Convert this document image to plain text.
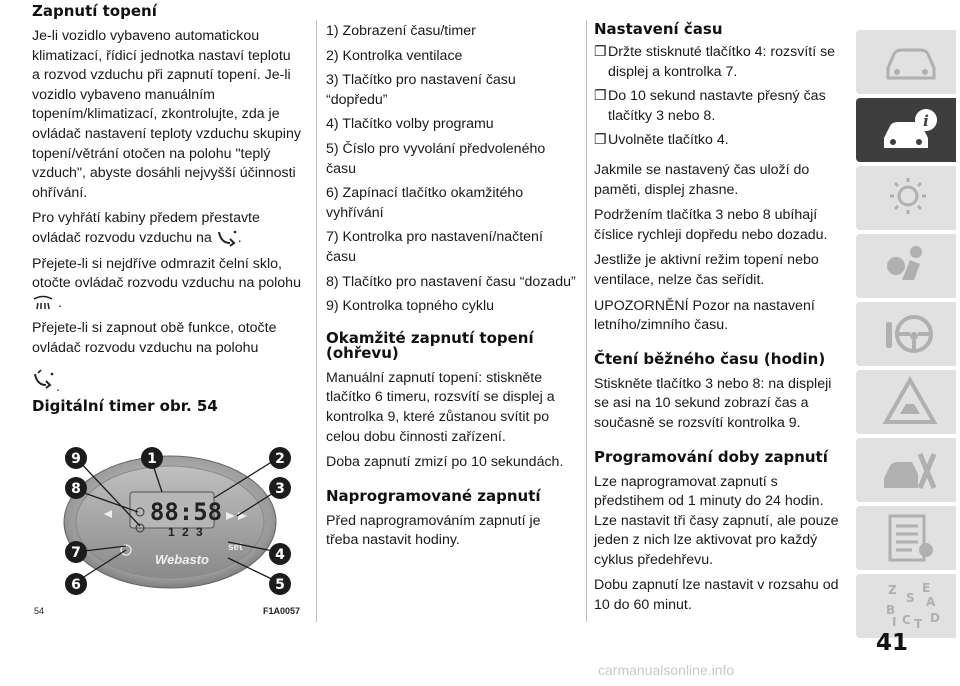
Zapnutí topení

Je-li vozidlo vybaveno automatickou klimatizací, řídicí jednotka nastaví teplotu a rozvod vzduchu při zapnutí topení. Je-li vozidlo vybaveno manuálním topením/klimatizací, zkontrolujte, zda je ovládač nastavení teploty vzduchu skupiny topení/větrání otočen na polohu "teplý vzduch", abyste dosáhli nejvyšší účinnosti ohřívání.

Pro vyhřátí kabiny předem přestavte ovládač rozvodu vzduchu na .

Přejete-li si nejdříve odmrazit čelní sklo, otočte ovládač rozvodu vzduchu na polohu .

Přejete-li si zapnout obě funkce, otočte ovládač rozvodu vzduchu na polohu

.
Digitální timer obr. 54
88:58
1 2 3
set
Webasto
1	2
3
4
5
6
7
8
9
54	F1A0057

1) Zobrazení času/timer

2) Kontrolka ventilace

3) Tlačítko pro nastavení času “dopředu”

4) Tlačítko volby programu

5) Číslo pro vyvolání předvoleného času

6) Zapínací tlačítko okamžitého vyhřívání

7) Kontrolka pro nastavení/načtení času

8) Tlačítko pro nastavení času “dozadu”

9) Kontrolka topného cyklu

Okamžité zapnutí topení (ohřevu)

Manuální zapnutí topení: stiskněte tlačítko 6 timeru, rozsvítí se displej a kontrolka 9, které zůstanou svítit po celou dobu činnosti zařízení.

Doba zapnutí zmizí po 10 sekundách.

Naprogramované zapnutí

Před naprogramováním zapnutí je třeba nastavit hodiny.

Nastavení času

❐ Držte stisknuté tlačítko 4: rozsvítí se displej a kontrolka 7.

❐ Do 10 sekund nastavte přesný čas tlačítky 3 nebo 8.

❐ Uvolněte tlačítko 4.

Jakmile se nastavený čas uloží do paměti, displej zhasne.

Podržením tlačítka 3 nebo 8 ubíhají číslice rychleji dopředu nebo dozadu.

Jestliže je aktivní režim topení nebo ventilace, nelze čas seřídit.

UPOZORNĚNÍ Pozor na nastavení letního/zimního času.

Čtení běžného času (hodin)

Stiskněte tlačítko 3 nebo 8: na displeji se asi na 10 sekund zobrazí čas a současně se rozsvítí kontrolka 9.

Programování doby zapnutí

Lze naprogramovat zapnutí s předstihem od 1 minuty do 24 hodin. Lze nastavit tři časy zapnutí, ale pouze jeden z nich lze aktivovat pro každý cyklus předehřevu.

Dobu zapnutí lze nastavit v rozsahu od 10 do 60 minut.

i
Z E
S A
B
C D
I T
41
carmanualsonline.info
